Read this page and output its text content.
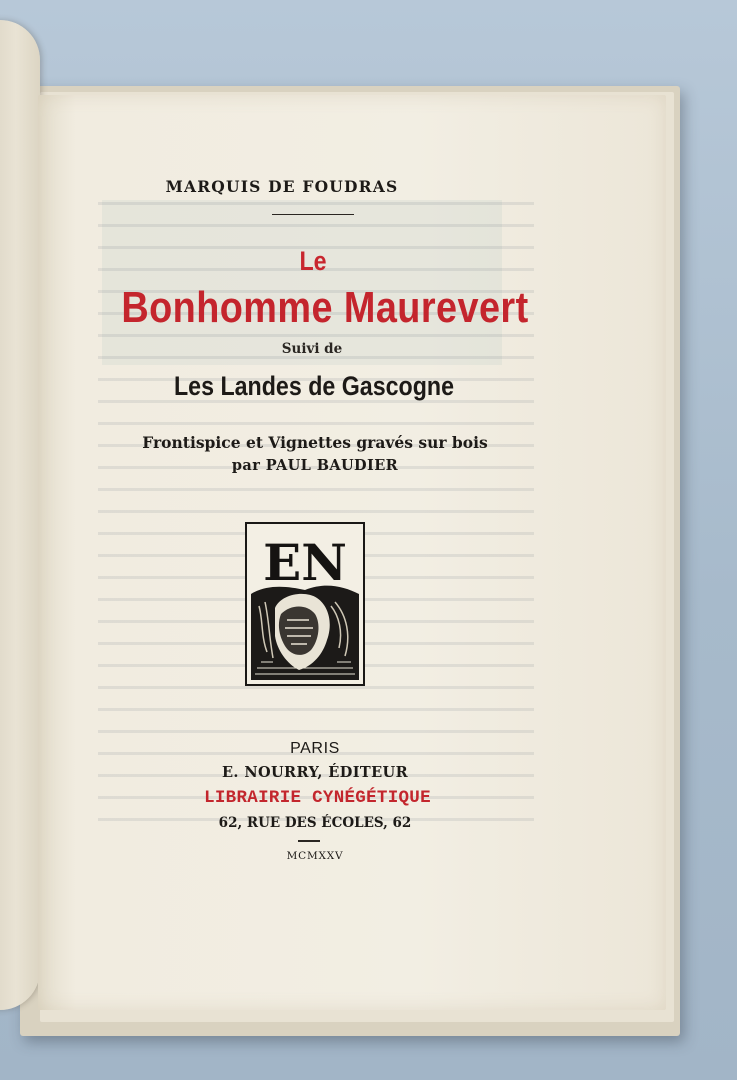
MARQUIS DE FOUDRAS
Le
Bonhomme Maurevert
Suivi de
Les Landes de Gascogne
Frontispice et Vignettes gravés sur bois
par PAUL BAUDIER
EN
PARIS
E. NOURRY, ÉDITEUR
LIBRAIRIE CYNÉGÉTIQUE
62, RUE DES ÉCOLES, 62
MCMXXV
